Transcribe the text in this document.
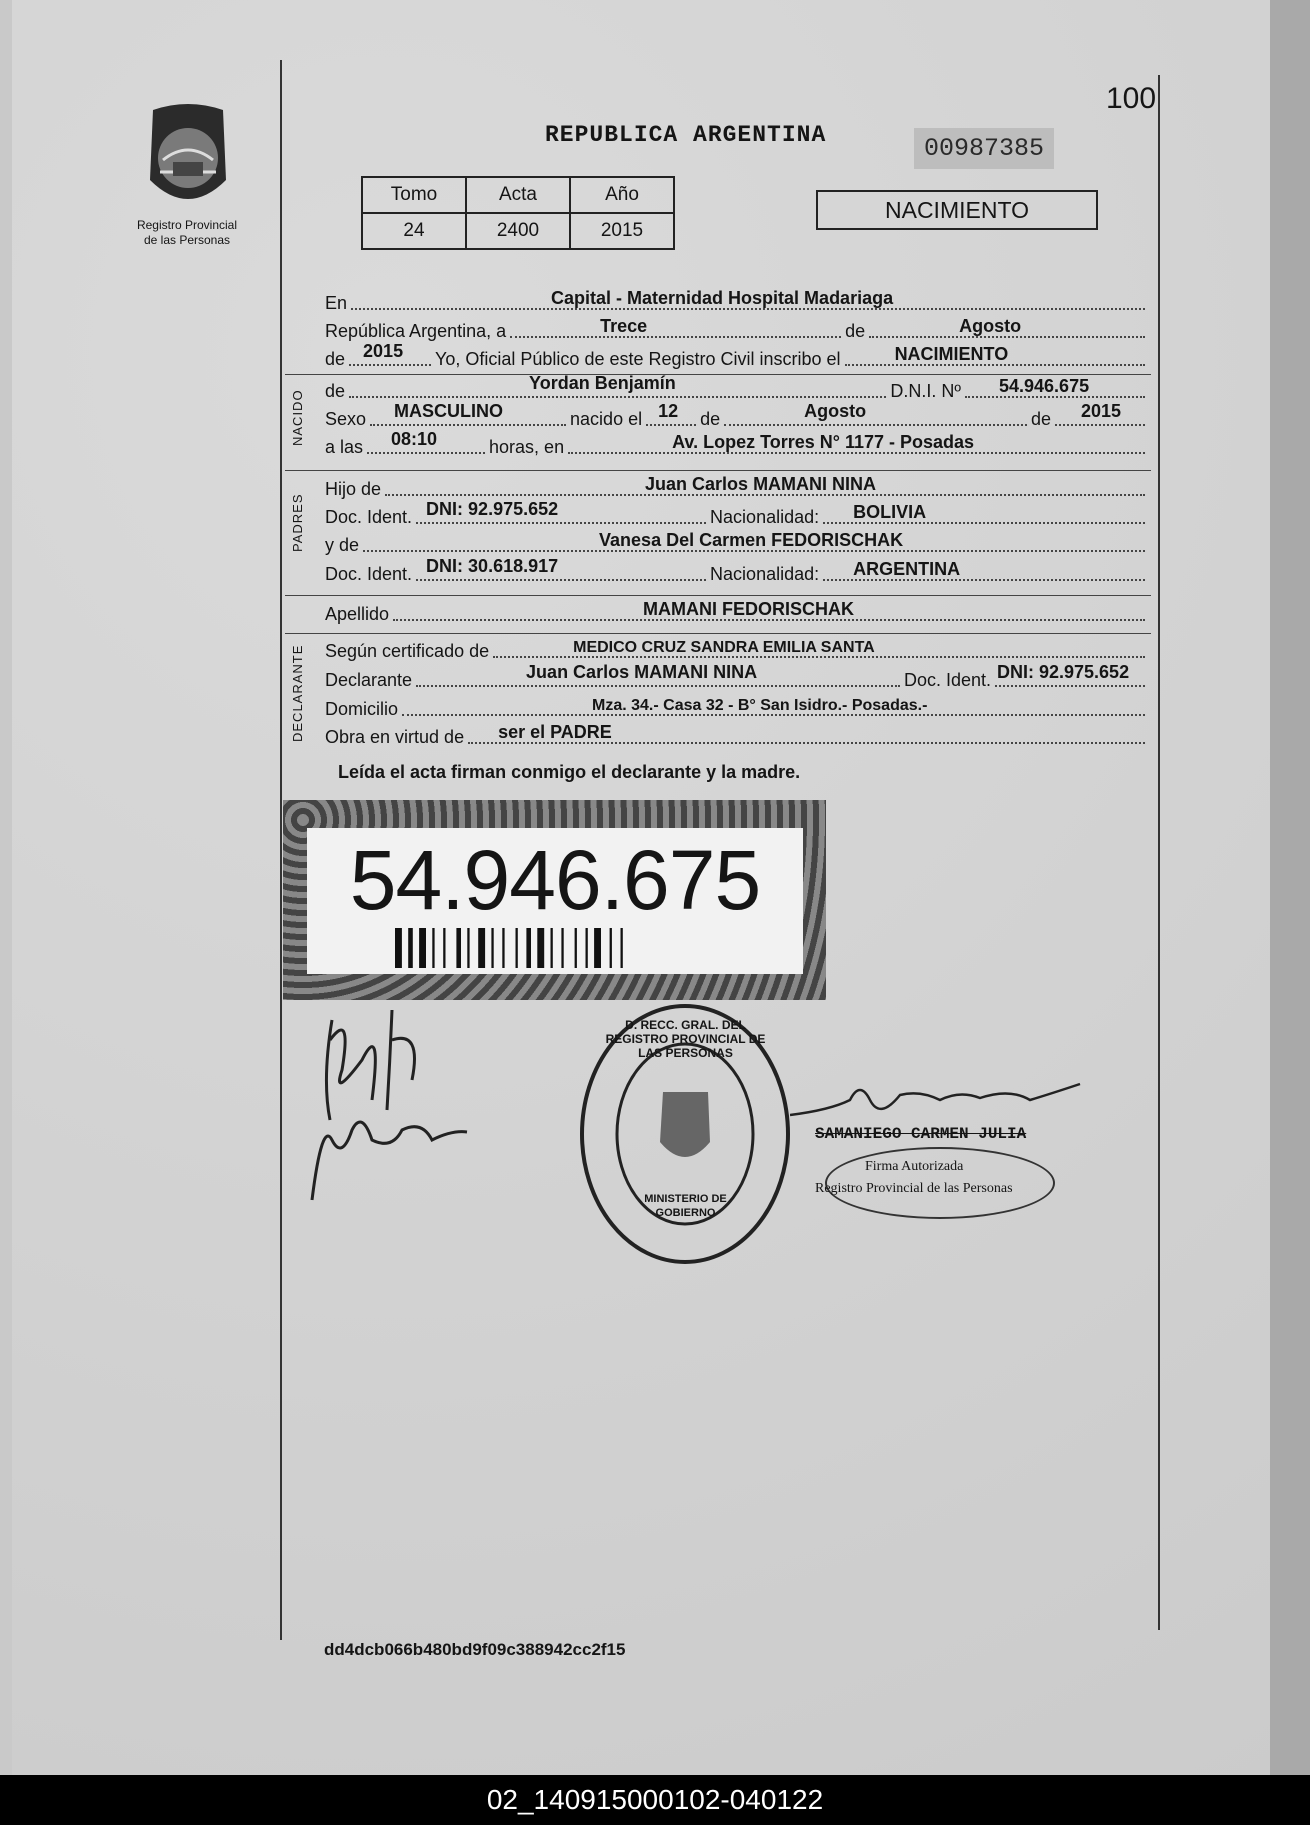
Registro Provincial
de las Personas
100
REPUBLICA ARGENTINA	00987385
Tomo	Acta	Año
24	2400	2015
NACIMIENTO
En	Capital - Maternidad Hospital Madariaga
República Argentina, a	Trece	de	Agosto
de 2015 Yo, Oficial Público de este Registro Civil inscribo el	NACIMIENTO
NACIDO de	Yordan Benjamín	D.N.I. Nº 54.946.675
Sexo MASCULINO	nacido el 12 de	Agosto	de 2015
a las 08:10	horas, en	Av. Lopez Torres N° 1177 - Posadas
PADRES
Hijo de	Juan Carlos MAMANI NINA
Doc. Ident. DNI: 92.975.652	Nacionalidad: BOLIVIA
y de	Vanesa Del Carmen FEDORISCHAK
Doc. Ident. DNI: 30.618.917	Nacionalidad: ARGENTINA
Apellido	MAMANI FEDORISCHAK
DECLARANTE Según certificado de	MEDICO CRUZ SANDRA EMILIA SANTA
Declarante	Juan Carlos MAMANI NINA	Doc. Ident. DNI: 92.975.652
Domicilio	Mza. 34.- Casa 32 - B° San Isidro.- Posadas.-
Obra en virtud de ser el PADRE
Leída el acta firman conmigo el declarante y la madre.
54.946.675
D. RECC. GRAL. DEL REGISTRO PROVINCIAL DE LAS PERSONAS
MINISTERIO DE GOBIERNO
SAMANIEGO CARMEN JULIA
Firma Autorizada
Registro Provincial de las Personas
dd4dcb066b480bd9f09c388942cc2f15
02_140915000102-040122
